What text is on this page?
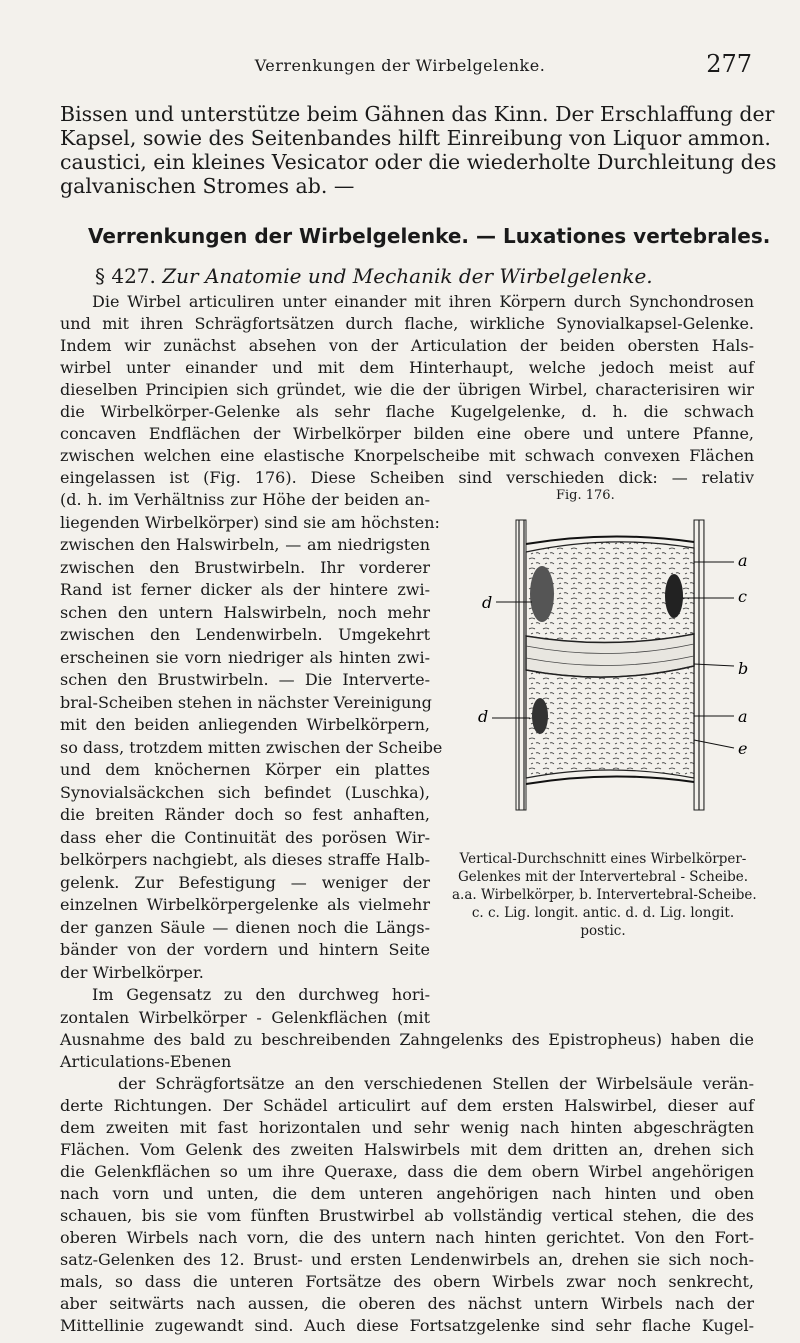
Verrenkungen der Wirbelgelenke.	277
Bissen und unterstütze beim Gähnen das Kinn. Der Erschlaffung der
Kapsel, sowie des Seitenbandes hilft Einreibung von Liquor ammon.
caustici, ein kleines Vesicator oder die wiederholte Durchleitung des
galvanischen Stromes ab. —
Verrenkungen der Wirbelgelenke. — Luxationes vertebrales.
§ 427. Zur Anatomie und Mechanik der Wirbelgelenke.
Die Wirbel articuliren unter einander mit ihren Körpern durch Synchondrosen
und mit ihren Schrägfortsätzen durch flache, wirkliche Synovialkapsel-Gelenke.
Indem wir zunächst absehen von der Articulation der beiden obersten Hals-
wirbel unter einander und mit dem Hinterhaupt, welche jedoch meist auf
dieselben Principien sich gründet, wie die der übrigen Wirbel, characterisiren wir
die Wirbelkörper-Gelenke als sehr flache Kugelgelenke, d. h. die schwach
concaven Endflächen der Wirbelkörper bilden eine obere und untere Pfanne,
zwischen welchen eine elastische Knorpelscheibe mit schwach convexen Flächen
eingelassen ist (Fig. 176). Diese Scheiben sind verschieden dick: — relativ
(d. h. im Verhältniss zur Höhe der beiden an-
liegenden Wirbelkörper) sind sie am höchsten:
zwischen den Halswirbeln, — am niedrigsten
zwischen den Brustwirbeln. Ihr vorderer
Rand ist ferner dicker als der hintere zwi-
schen den untern Halswirbeln, noch mehr
zwischen den Lendenwirbeln. Umgekehrt
erscheinen sie vorn niedriger als hinten zwi-
schen den Brustwirbeln. — Die Interverte-
bral-Scheiben stehen in nächster Vereinigung
mit den beiden anliegenden Wirbelkörpern,
so dass, trotzdem mitten zwischen der Scheibe
und dem knöchernen Körper ein plattes
Synovialsäckchen sich befindet (Luschka),
die breiten Ränder doch so fest anhaften,
dass eher die Continuität des porösen Wir-
belkörpers nachgiebt, als dieses straffe Halb-
gelenk. Zur Befestigung — weniger der
einzelnen Wirbelkörpergelenke als vielmehr
der ganzen Säule — dienen noch die Längs-
bänder von der vordern und hintern Seite
der Wirbelkörper.
Im Gegensatz zu den durchweg hori-
zontalen Wirbelkörper - Gelenkflächen (mit
Fig. 176.
a
c
b
a
e
d
d
Vertical-Durchschnitt eines Wirbelkörper-
Gelenkes mit der Intervertebral - Scheibe.
a.a. Wirbelkörper, b. Intervertebral-Scheibe.
c. c. Lig. longit. antic. d. d. Lig. longit.
postic.
Ausnahme des bald zu beschreibenden Zahngelenks des Epistropheus) haben die
Articulations-Ebenen
der Schrägfortsätze an den verschiedenen Stellen der Wirbelsäule verän-
derte Richtungen. Der Schädel articulirt auf dem ersten Halswirbel, dieser auf
dem zweiten mit fast horizontalen und sehr wenig nach hinten abgeschrägten
Flächen. Vom Gelenk des zweiten Halswirbels mit dem dritten an, drehen sich
die Gelenkflächen so um ihre Queraxe, dass die dem obern Wirbel angehörigen
nach vorn und unten, die dem unteren angehörigen nach hinten und oben
schauen, bis sie vom fünften Brustwirbel ab vollständig vertical stehen, die des
oberen Wirbels nach vorn, die des untern nach hinten gerichtet. Von den Fort-
satz-Gelenken des 12. Brust- und ersten Lendenwirbels an, drehen sie sich noch-
mals, so dass die unteren Fortsätze des obern Wirbels zwar noch senkrecht,
aber seitwärts nach aussen, die oberen des nächst untern Wirbels nach der
Mittellinie zugewandt sind. Auch diese Fortsatzgelenke sind sehr flache Kugel-
